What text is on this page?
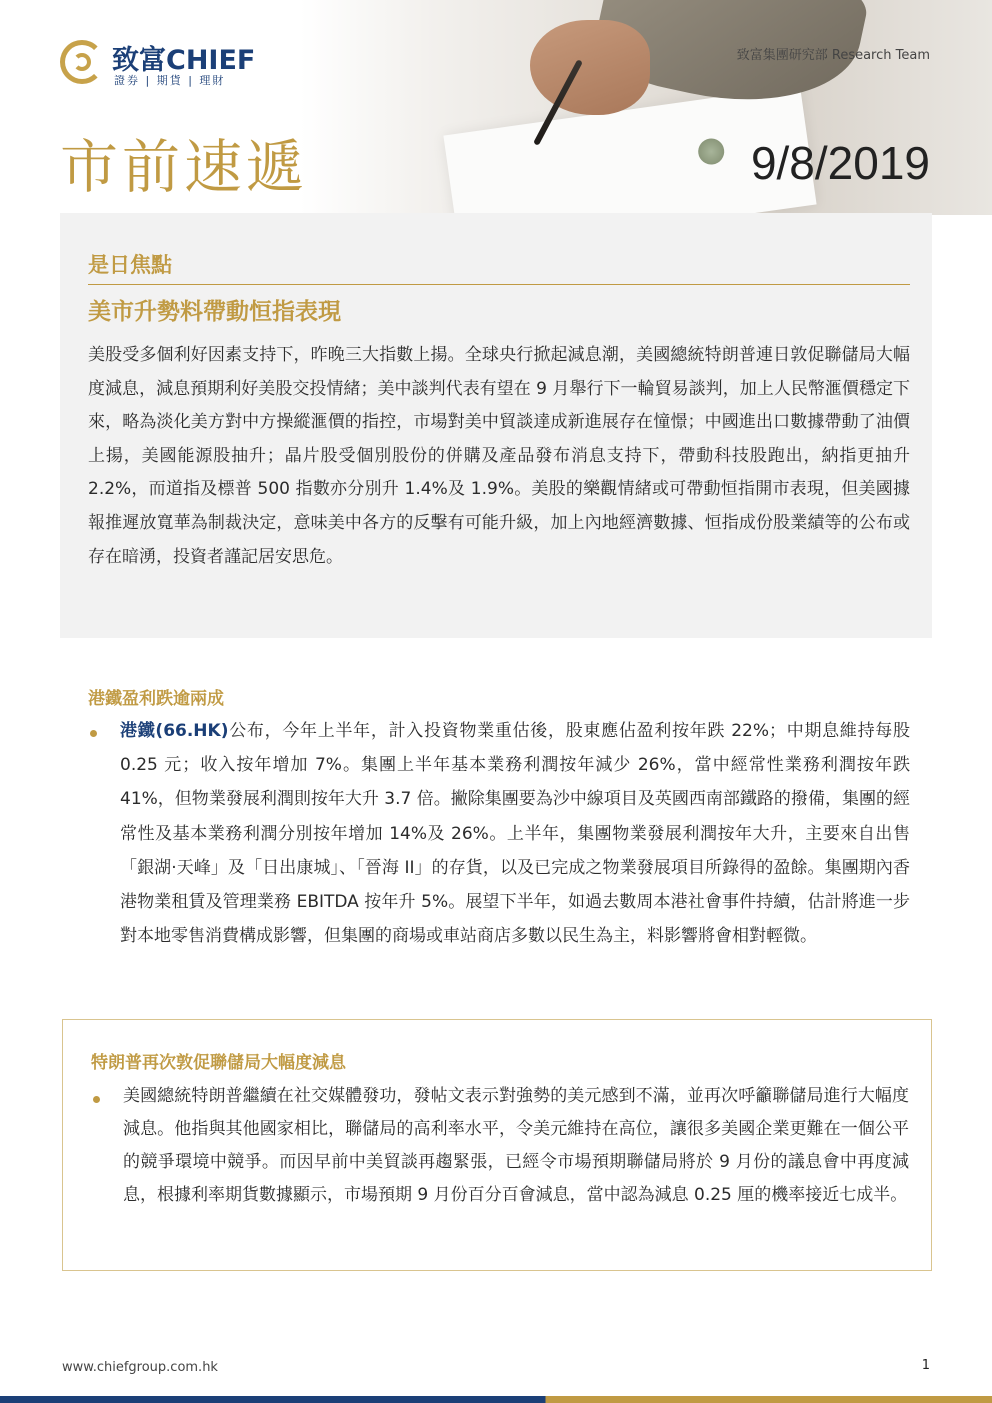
致富CHIEF
證券 | 期貨 | 理財
致富集團研究部 Research Team
市前速遞	9/8/2019
是日焦點
美市升勢料帶動恒指表現

美股受多個利好因素支持下，昨晚三大指數上揚。全球央行掀起減息潮，美國總統特朗普連日敦促聯儲局大幅度減息，減息預期利好美股交投情緒；美中談判代表有望在 9 月舉行下一輪貿易談判，加上人民幣滙價穩定下來，略為淡化美方對中方操縱滙價的指控，市場對美中貿談達成新進展存在憧憬；中國進出口數據帶動了油價上揚，美國能源股抽升；晶片股受個別股份的併購及產品發布消息支持下，帶動科技股跑出，納指更抽升 2.2%，而道指及標普 500 指數亦分別升 1.4%及 1.9%。美股的樂觀情緒或可帶動恒指開市表現，但美國據報推遲放寬華為制裁決定，意味美中各方的反擊有可能升級，加上內地經濟數據、恒指成份股業績等的公布或存在暗湧，投資者謹記居安思危。

港鐵盈利跌逾兩成

港鐵(66.HK)公布，今年上半年，計入投資物業重估後，股東應佔盈利按年跌 22%；中期息維持每股 0.25 元；收入按年增加 7%。集團上半年基本業務利潤按年減少 26%，當中經常性業務利潤按年跌 41%，但物業發展利潤則按年大升 3.7 倍。撇除集團要為沙中線項目及英國西南部鐵路的撥備，集團的經常性及基本業務利潤分別按年增加 14%及 26%。上半年，集團物業發展利潤按年大升，主要來自出售「銀湖‧天峰」及「日出康城」、「晉海 II」的存貨，以及已完成之物業發展項目所錄得的盈餘。集團期內香港物業租賃及管理業務 EBITDA 按年升 5%。展望下半年，如過去數周本港社會事件持續，估計將進一步對本地零售消費構成影響，但集團的商場或車站商店多數以民生為主，料影響將會相對輕微。

特朗普再次敦促聯儲局大幅度減息

美國總統特朗普繼續在社交媒體發功，發帖文表示對強勢的美元感到不滿，並再次呼籲聯儲局進行大幅度減息。他指與其他國家相比，聯儲局的高利率水平，令美元維持在高位，讓很多美國企業更難在一個公平的競爭環境中競爭。而因早前中美貿談再趨緊張，已經令市場預期聯儲局將於 9 月份的議息會中再度減息，根據利率期貨數據顯示，市場預期 9 月份百分百會減息，當中認為減息 0.25 厘的機率接近七成半。

www.chiefgroup.com.hk	1
